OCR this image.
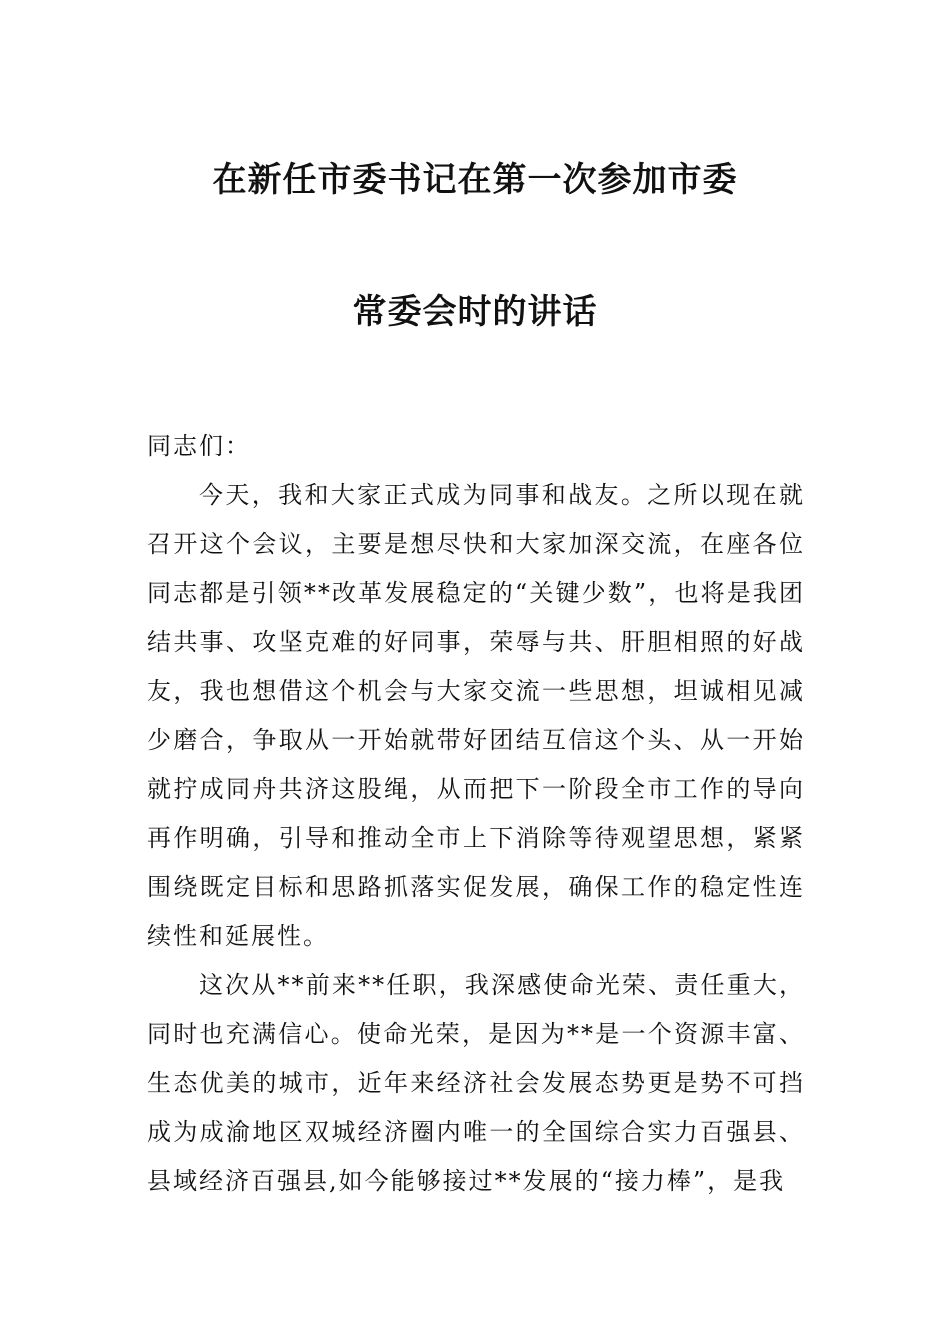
在新任市委书记在第一次参加市委
常委会时的讲话

同志们：

今天，我和大家正式成为同事和战友。之所以现在就召开这个会议，主要是想尽快和大家加深交流，在座各位同志都是引领**改革发展稳定的“关键少数”，也将是我团结共事、攻坚克难的好同事，荣辱与共、肝胆相照的好战友，我也想借这个机会与大家交流一些思想，坦诚相见减少磨合，争取从一开始就带好团结互信这个头、从一开始就拧成同舟共济这股绳，从而把下一阶段全市工作的导向再作明确，引导和推动全市上下消除等待观望思想，紧紧围绕既定目标和思路抓落实促发展，确保工作的稳定性连续性和延展性。

这次从**前来**任职，我深感使命光荣、责任重大，同时也充满信心。使命光荣，是因为**是一个资源丰富、生态优美的城市，近年来经济社会发展态势更是势不可挡成为成渝地区双城经济圈内唯一的全国综合实力百强县、县域经济百强县,如今能够接过**发展的“接力棒”，是我
